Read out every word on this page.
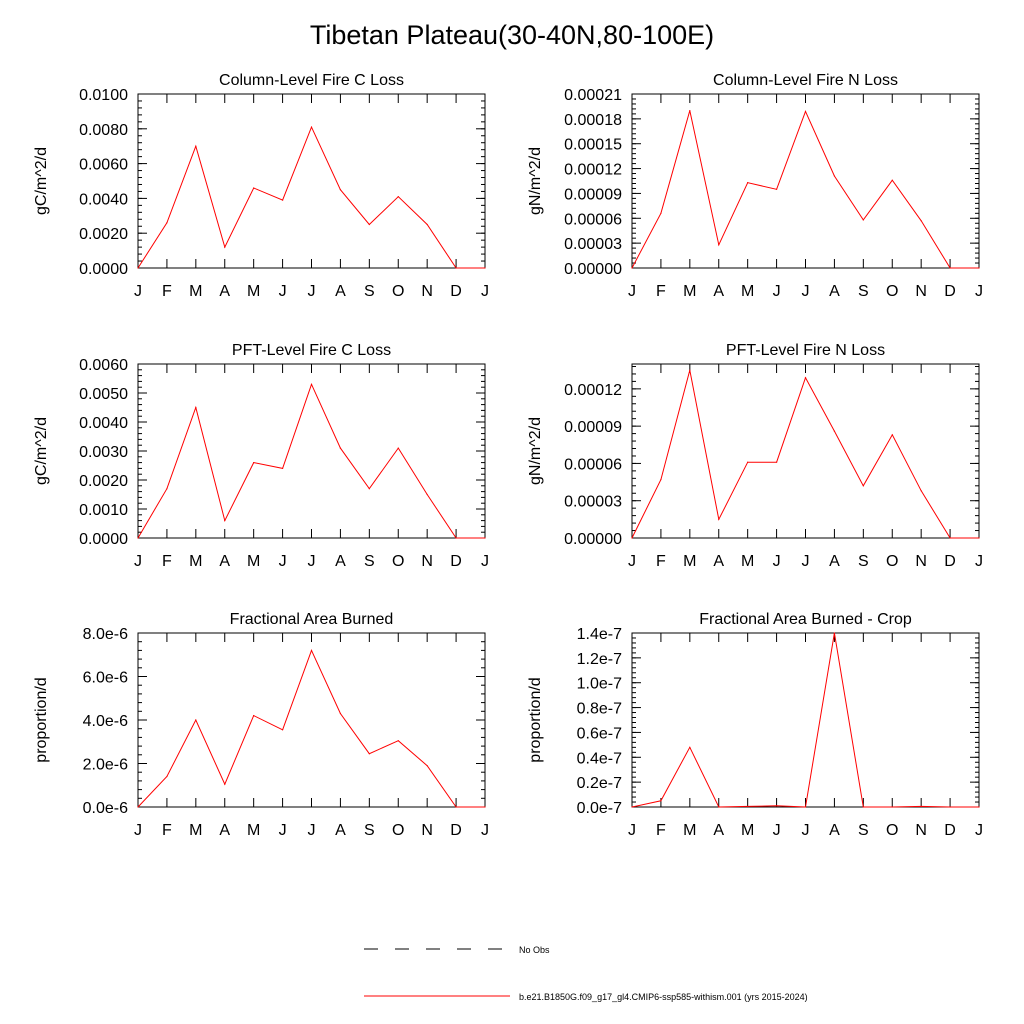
Tibetan Plateau(30-40N,80-100E)
Column-Level Fire C Loss
0.0000
0.0020
0.0040
0.0060
0.0080
0.0100
J F M A M J J A S O N D J
gC/m^2/d
Column-Level Fire N Loss
0.00000
0.00003
0.00006
0.00009
0.00012
0.00015
0.00018
0.00021
J F M A M J J A S O N D J
gN/m^2/d
PFT-Level Fire C Loss
0.0000
0.0010
0.0020
0.0030
0.0040
0.0050
0.0060
J F M A M J J A S O N D J
gC/m^2/d
PFT-Level Fire N Loss
0.00000
0.00003
0.00006
0.00009
0.00012
J F M A M J J A S O N D J
gN/m^2/d
Fractional Area Burned
0.0e-6
2.0e-6
4.0e-6
6.0e-6
8.0e-6
J F M A M J J A S O N D J
proportion/d
Fractional Area Burned - Crop
0.0e-7
0.2e-7
0.4e-7
0.6e-7
0.8e-7
1.0e-7
1.2e-7
1.4e-7
J F M A M J J A S O N D J
proportion/d
No Obs
b.e21.B1850G.f09_g17_gl4.CMIP6-ssp585-withism.001 (yrs 2015-2024)
